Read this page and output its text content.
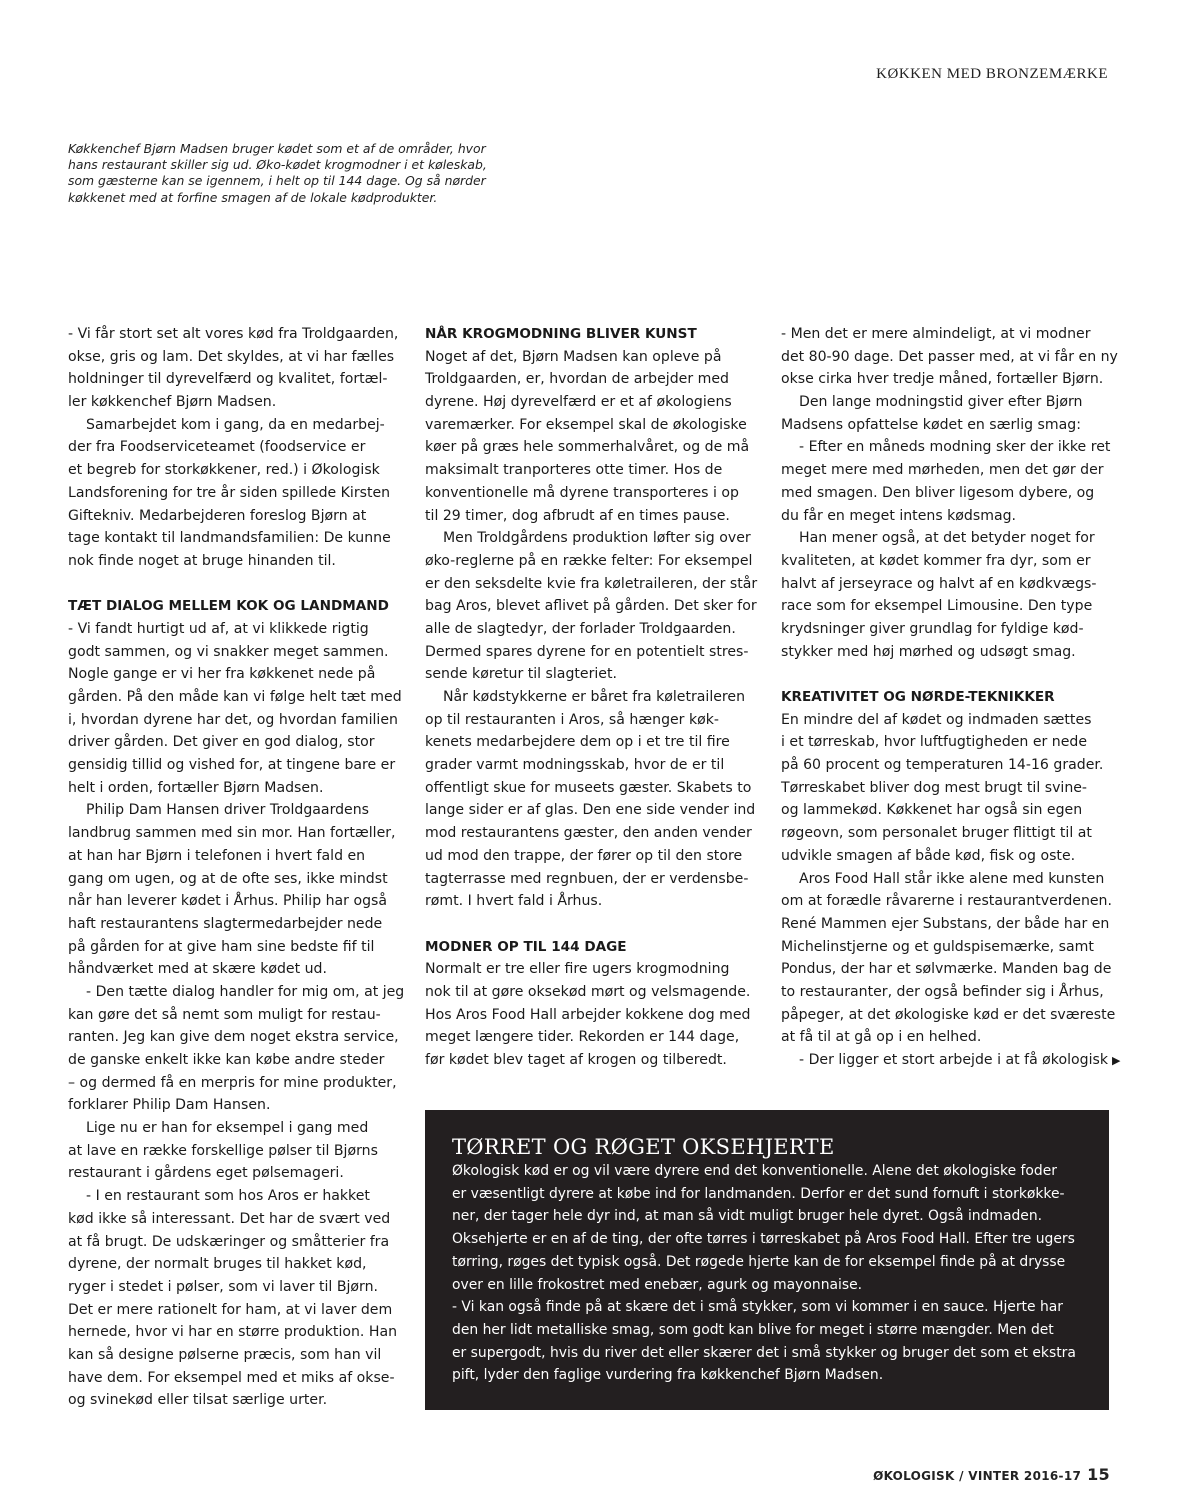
KØKKEN MED BRONZEMÆRKE
Køkkenchef Bjørn Madsen bruger kødet som et af de områder, hvor
hans restaurant skiller sig ud. Øko-kødet krogmodner i et køleskab,
som gæsterne kan se igennem, i helt op til 144 dage. Og så nørder
køkkenet med at forfine smagen af de lokale kødprodukter.
- Vi får stort set alt vores kød fra Troldgaarden,
okse, gris og lam. Det skyldes, at vi har fælles
holdninger til dyrevelfærd og kvalitet, fortæl-
ler køkkenchef Bjørn Madsen.
Samarbejdet kom i gang, da en medarbej-
der fra Foodserviceteamet (foodservice er
et begreb for storkøkkener, red.) i Økologisk
Landsforening for tre år siden spillede Kirsten
Giftekniv. Medarbejderen foreslog Bjørn at
tage kontakt til landmandsfamilien: De kunne
nok finde noget at bruge hinanden til.
TÆT DIALOG MELLEM KOK OG LANDMAND
- Vi fandt hurtigt ud af, at vi klikkede rigtig
godt sammen, og vi snakker meget sammen.
Nogle gange er vi her fra køkkenet nede på
gården. På den måde kan vi følge helt tæt med
i, hvordan dyrene har det, og hvordan familien
driver gården. Det giver en god dialog, stor
gensidig tillid og vished for, at tingene bare er
helt i orden, fortæller Bjørn Madsen.
Philip Dam Hansen driver Troldgaardens
landbrug sammen med sin mor. Han fortæller,
at han har Bjørn i telefonen i hvert fald en
gang om ugen, og at de ofte ses, ikke mindst
når han leverer kødet i Århus. Philip har også
haft restaurantens slagtermedarbejder nede
på gården for at give ham sine bedste fif til
håndværket med at skære kødet ud.
- Den tætte dialog handler for mig om, at jeg
kan gøre det så nemt som muligt for restau-
ranten. Jeg kan give dem noget ekstra service,
de ganske enkelt ikke kan købe andre steder
– og dermed få en merpris for mine produkter,
forklarer Philip Dam Hansen.
Lige nu er han for eksempel i gang med
at lave en række forskellige pølser til Bjørns
restaurant i gårdens eget pølsemageri.
- I en restaurant som hos Aros er hakket
kød ikke så interessant. Det har de svært ved
at få brugt. De udskæringer og småtterier fra
dyrene, der normalt bruges til hakket kød,
ryger i stedet i pølser, som vi laver til Bjørn.
Det er mere rationelt for ham, at vi laver dem
hernede, hvor vi har en større produktion. Han
kan så designe pølserne præcis, som han vil
have dem. For eksempel med et miks af okse-
og svinekød eller tilsat særlige urter.
NÅR KROGMODNING BLIVER KUNST
Noget af det, Bjørn Madsen kan opleve på
Troldgaarden, er, hvordan de arbejder med
dyrene. Høj dyrevelfærd er et af økologiens
varemærker. For eksempel skal de økologiske
køer på græs hele sommerhalvåret, og de må
maksimalt tranporteres otte timer. Hos de
konventionelle må dyrene transporteres i op
til 29 timer, dog afbrudt af en times pause.
Men Troldgårdens produktion løfter sig over
øko-reglerne på en række felter: For eksempel
er den seksdelte kvie fra køletraileren, der står
bag Aros, blevet aflivet på gården. Det sker for
alle de slagtedyr, der forlader Troldgaarden.
Dermed spares dyrene for en potentielt stres-
sende køretur til slagteriet.
Når kødstykkerne er båret fra køletraileren
op til restauranten i Aros, så hænger køk-
kenets medarbejdere dem op i et tre til fire
grader varmt modningsskab, hvor de er til
offentligt skue for museets gæster. Skabets to
lange sider er af glas. Den ene side vender ind
mod restaurantens gæster, den anden vender
ud mod den trappe, der fører op til den store
tagterrasse med regnbuen, der er verdensbe-
rømt. I hvert fald i Århus.
MODNER OP TIL 144 DAGE
Normalt er tre eller fire ugers krogmodning
nok til at gøre oksekød mørt og velsmagende.
Hos Aros Food Hall arbejder kokkene dog med
meget længere tider. Rekorden er 144 dage,
før kødet blev taget af krogen og tilberedt.
- Men det er mere almindeligt, at vi modner
det 80-90 dage. Det passer med, at vi får en ny
okse cirka hver tredje måned, fortæller Bjørn.
Den lange modningstid giver efter Bjørn
Madsens opfattelse kødet en særlig smag:
- Efter en måneds modning sker der ikke ret
meget mere med mørheden, men det gør der
med smagen. Den bliver ligesom dybere, og
du får en meget intens kødsmag.
Han mener også, at det betyder noget for
kvaliteten, at kødet kommer fra dyr, som er
halvt af jerseyrace og halvt af en kødkvægs-
race som for eksempel Limousine. Den type
krydsninger giver grundlag for fyldige kød-
stykker med høj mørhed og udsøgt smag.
KREATIVITET OG NØRDE-TEKNIKKER
En mindre del af kødet og indmaden sættes
i et tørreskab, hvor luftfugtigheden er nede
på 60 procent og temperaturen 14-16 grader.
Tørreskabet bliver dog mest brugt til svine-
og lammekød. Køkkenet har også sin egen
røgeovn, som personalet bruger flittigt til at
udvikle smagen af både kød, fisk og oste.
Aros Food Hall står ikke alene med kunsten
om at forædle råvarerne i restaurantverdenen.
René Mammen ejer Substans, der både har en
Michelinstjerne og et guldspisemærke, samt
Pondus, der har et sølvmærke. Manden bag de
to restauranter, der også befinder sig i Århus,
påpeger, at det økologiske kød er det sværeste
at få til at gå op i en helhed.
- Der ligger et stort arbejde i at få økologisk ▶
TØRRET OG RØGET OKSEHJERTE
Økologisk kød er og vil være dyrere end det konventionelle. Alene det økologiske foder
er væsentligt dyrere at købe ind for landmanden. Derfor er det sund fornuft i storkøkke-
ner, der tager hele dyr ind, at man så vidt muligt bruger hele dyret. Også indmaden.
Oksehjerte er en af de ting, der ofte tørres i tørreskabet på Aros Food Hall. Efter tre ugers
tørring, røges det typisk også. Det røgede hjerte kan de for eksempel finde på at drysse
over en lille frokostret med enebær, agurk og mayonnaise.
- Vi kan også finde på at skære det i små stykker, som vi kommer i en sauce. Hjerte har
den her lidt metalliske smag, som godt kan blive for meget i større mængder. Men det
er supergodt, hvis du river det eller skærer det i små stykker og bruger det som et ekstra
pift, lyder den faglige vurdering fra køkkenchef Bjørn Madsen.
ØKOLOGISK / VINTER 2016-17 15
